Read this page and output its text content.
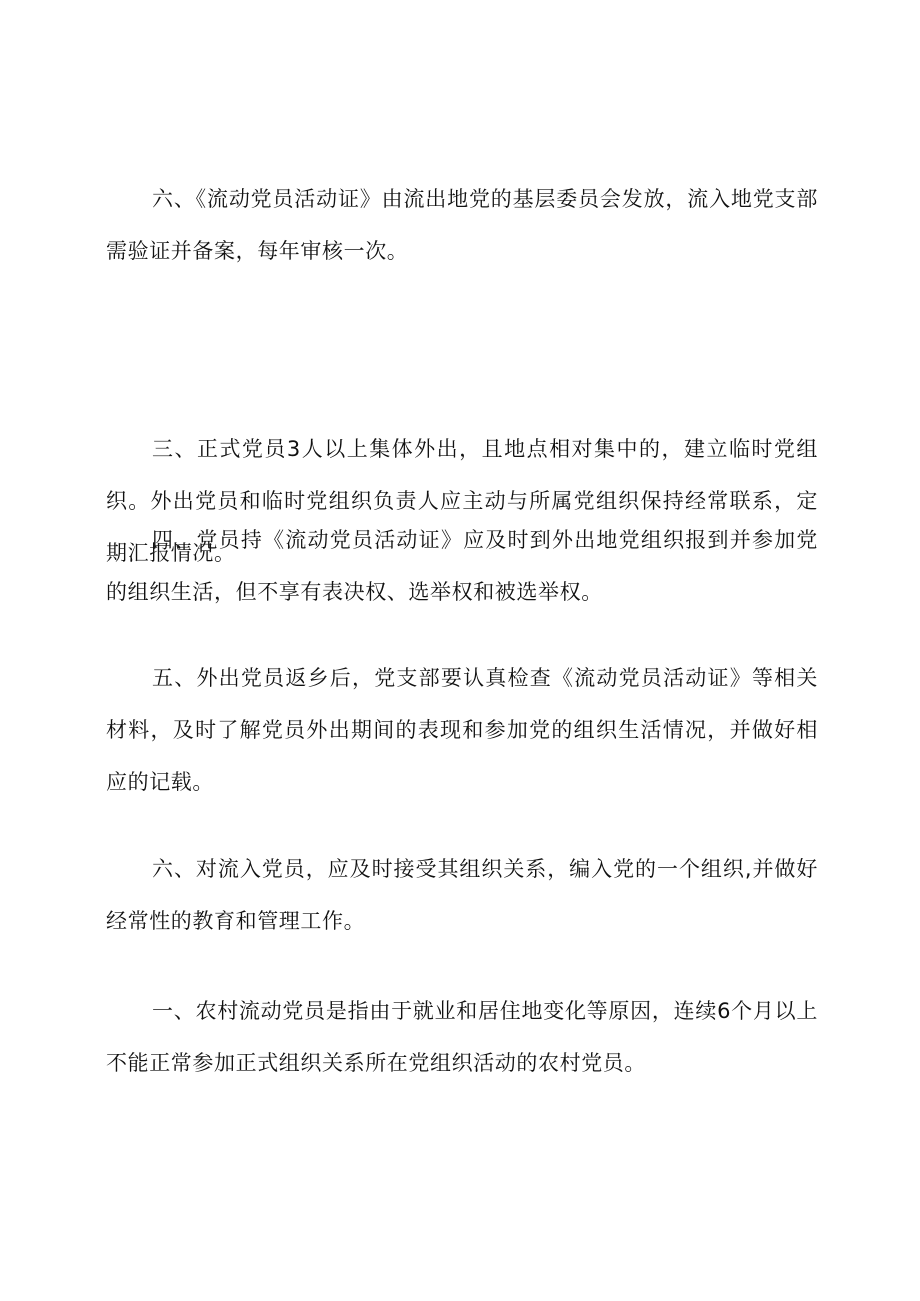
六、《流动党员活动证》由流出地党的基层委员会发放，流入地党支部需验证并备案，每年审核一次。

三、正式党员3人以上集体外出，且地点相对集中的，建立临时党组织。外出党员和临时党组织负责人应主动与所属党组织保持经常联系，定期汇报情况。

四、党员持《流动党员活动证》应及时到外出地党组织报到并参加党的组织生活，但不享有表决权、选举权和被选举权。

五、外出党员返乡后，党支部要认真检查《流动党员活动证》等相关材料，及时了解党员外出期间的表现和参加党的组织生活情况，并做好相应的记载。

六、对流入党员，应及时接受其组织关系，编入党的一个组织,并做好经常性的教育和管理工作。

一、农村流动党员是指由于就业和居住地变化等原因，连续6个月以上不能正常参加正式组织关系所在党组织活动的农村党员。
